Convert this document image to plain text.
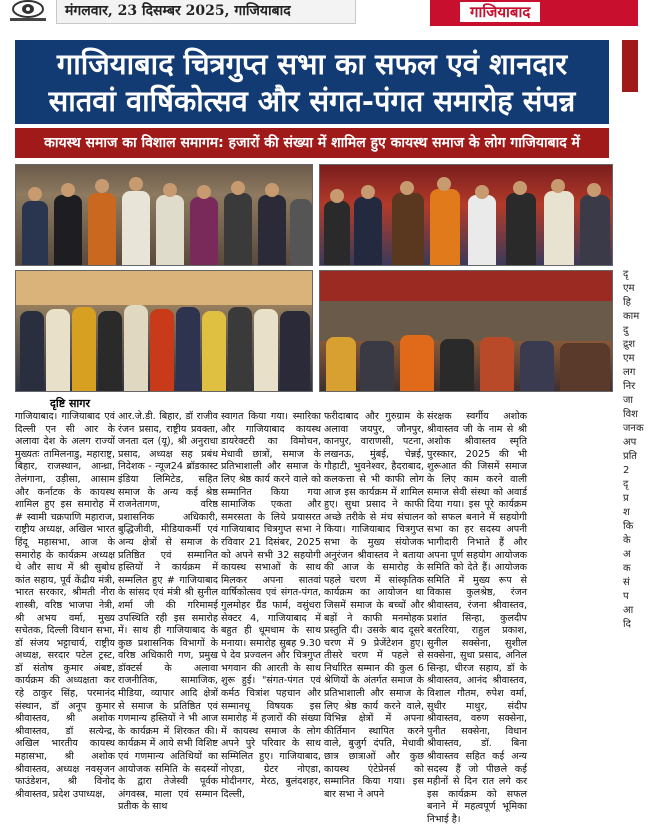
मंगलवार, 23 दिसम्बर 2025, गाजियाबाद	गाजियाबाद
गाजियाबाद चित्रगुप्त सभा का सफल एवं शानदार
सातवां वार्षिकोत्सव और संगत-पंगत समारोह संपन्न
कायस्थ समाज का विशाल समागम: हजारों की संख्या में शामिल हुए कायस्थ समाज के लोग गाजियाबाद में
दृ
एम
हि
काम
दु
द्रुश
एम
लग
निर
जा
विश
जनक
अप
प्रति
2
दृ
प्र
श
कि
के
अ
क
सं
प
आ
दि
दृष्टि सागर
गाजियाबाद। गाजियाबाद एवं दिल्ली एन सी आर के अलावा देश के अलग राज्यों मुख्यतः तामिलनाडु, महाराष्ट्र, बिहार, राजस्थान, आन्ध्रा, तेलंगाना, उड़ीसा, आसाम और कर्नाटक के कायस्थ शामिल हुए इस समारोह में # स्वामी चक्रपाणि महाराज, राष्ट्रीय अध्यक्ष, अखिल भारत हिंदू महासभा, आज के समारोह के कार्यक्रम अध्यक्ष थे और साथ में श्री सुबोध कांत सहाय, पूर्व केंद्रीय मंत्री, भारत सरकार, श्रीमती नीरा शास्त्री, वरिष्ठ भाजपा नेत्री, श्री अभय वर्मा, मुख्य सचेतक, दिल्ली विधान सभा, डॉ संजय भट्टाचार्य, राष्ट्रीय अध्यक्ष, सरदार पटेल ट्रस्ट, डॉ संतोष कुमार अंबष्ट, कार्यक्रम की अध्यक्षता कर रहे ठाकुर सिंह, परमानंद संस्थान, डॉ अनूप कुमार श्रीवास्तव, श्री अशोक श्रीवास्तव, डॉ सत्येन्द्र, अखिल भारतीय कायस्थ महासभा, श्री अशोक श्रीवास्तव, अध्यक्ष नवसृजन फाउंडेशन, श्री विनोद श्रीवास्तव, प्रदेश उपाध्यक्ष,
आर.जे.डी. बिहार, डॉ राजीव रंजन प्रसाद, राष्ट्रीय प्रवक्ता, जनता दल (यू), श्री अनुराधा प्रसाद, अध्यक्ष सह प्रबंध निदेशक - न्यूज24 ब्रॉडकास्ट इंडिया लिमिटेड, सहित समाज के अन्य कई श्रेष्ठ राजनेतागण, वरिष्ठ प्रशासनिक अधिकारी, बुद्धिजीवी, मीडियाकर्मी एवं अन्य क्षेत्रों से समाज के प्रतिष्ठित एवं सम्मानित हस्तियों ने कार्यक्रम में सम्मलित हुए # गाजियाबाद के सांसद एवं मंत्री श्री सुनील शर्मा जी की गरिमामई उपस्थिति रही इस समारोह में। साथ ही गाजियाबाद के कुछ प्रशासनिक विभागों के वरिष्ठ अधिकारी गण, प्रमुख डॉक्टर्स के अलावा राजनीतिक, सामाजिक, मीडिया, व्यापार आदि क्षेत्रों से समाज के प्रतिष्ठित एवं गणमान्य हस्तियों ने भी आज के कार्यक्रम में शिरकत की। कार्यक्रम में आये सभी विशिष्ट एवं गणमान्य अतिथियों का आयोजक समिति के सदस्यों के द्वारा तेजेस्वी पूर्वक अंगवस्त्र, माला एवं सम्मान प्रतीक के साथ
स्वागत किया गया। स्मारिका और गाजियाबाद कायस्थ डायरेक्टरी का विमोचन, मेधावी छात्रों, समाज के प्रतिभाशाली और समाज के लिए श्रेष्ठ कार्य करने वाले को सम्मानित किया गया सामाजिक एकता और समरसता के लिये प्रयासरत गाजियाबाद चित्रगुप्त सभा ने रविवार 21 दिसंबर, 2025 को अपने सभी 32 सहयोगी कायस्थ सभाओं के साथ मिलकर अपना सातवां वार्षिकोत्सव एवं संगत-पंगत, गुलमोहर ग्रैंड फार्म, वसुंधरा सेक्टर 4, गाजियाबाद में बहुत ही धूमधाम के साथ मनाया। समारोह सुबह 9.30 पे देव प्रज्वलन और चित्रगुप्त भगवान की आरती के साथ शुरू हुई। "संगत-पंगत एवं कर्मठ चित्रांश पहचान और सम्मानधू विषयक इस समारोह में हजारों की संख्या में कायस्थ समाज के लोग अपने पुरे परिवार के साथ सम्मिलित हुए। गाजियाबाद, नोएडा, ग्रेटर नोएडा, मोदीनगर, मेरठ, बुलंदशहर, दिल्ली,
फरीदाबाद और गुरुग्राम के अलावा जयपुर, जौनपुर, कानपुर, वाराणसी, पटना, लखनऊ, मुंबई, चेन्नई, गौहाटी, भुवनेश्वर, हैदराबाद, कलकत्ता से भी काफी लोग आज इस कार्यक्रम में शामिल हुए। सुधा प्रसाद ने काफी अच्छे तरीके से मंच संचालन किया। गाजियाबाद चित्रगुप्त सभा के मुख्य संयोजक अनुरंजन श्रीवास्तव ने बताया की आज के समारोह के पहले चरण में सांस्कृतिक कार्यक्रम का आयोजन था जिसमें समाज के बच्चों और बड़ों ने काफी मनमोहक प्रस्तुति दी। उसके बाद दूसरे चरण में 9 प्रेजेंटेशन हुए। तीसरे चरण में पहले से निर्धारित सम्मान की कुल 6 श्रेणियों के अंतर्गत समाज के प्रतिभाशाली और समाज के लिए श्रेष्ठ कार्य करने वाले, विभिन्न क्षेत्रों में अपना कीर्तिमान स्थापित करने वाले, बुजुर्ग दंपति, मेधावी छात्र छात्राओं और कुछ कायस्थ एंटेप्रेनर्स को सम्मानित किया गया। इस बार सभा ने अपने
संरक्षक स्वर्गीय अशोक श्रीवास्तव जी के नाम से श्री अशोक श्रीवास्तव स्मृति पुरस्कार, 2025 की भी शुरूआत की जिसमें समाज के लिए काम करने वाली समाज सेवी संस्था को अवार्ड दिया गया। इस पूरे कार्यक्रम को सफल बनाने में सहयोगी सभा का हर सदस्य अपनी भागीदारी निभाते हैं और अपना पूर्ण सहयोग आयोजक समिति को देते हैं। आयोजक समिति में मुख्य रूप से विकास कुलश्रेष्ठ, रंजन श्रीवास्तव, रंजना श्रीवास्तव, प्रशांत सिन्हा, कुलदीप बरतरिया, राहुल प्रकाश, सुनील सक्सेना, सुशील सक्सेना, सुधा प्रसाद, अनिल सिन्हा, धीरज सहाय, डॉ के श्रीवास्तव, आनंद श्रीवास्तव, विशाल गौतम, रुपेश वर्मा, सुधीर माथुर, संदीप श्रीवास्तव, वरुण सक्सेना, पुनीत सक्सेना, विधान श्रीवास्तव, डॉ. बिना श्रीवास्तव सहित कई अन्य सदस्य हैं जो पीछले कई महीनों से दिन रात लगे कर इस कार्यक्रम को सफल बनाने में महत्वपूर्ण भूमिका निभाई है।
